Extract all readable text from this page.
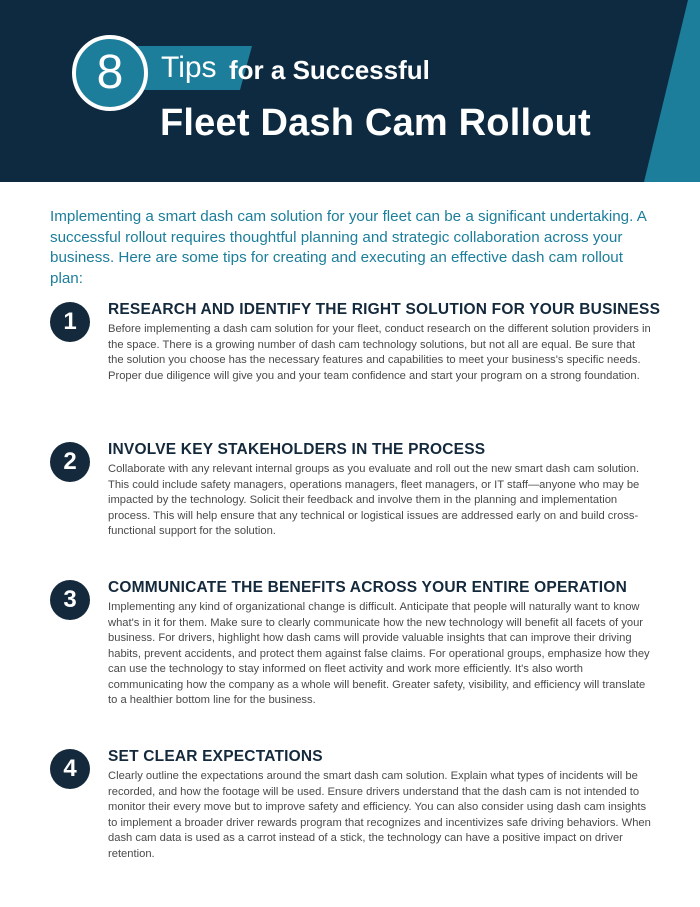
8	Tips for a Successful
Fleet Dash Cam Rollout
Implementing a smart dash cam solution for your fleet can be a significant undertaking. A successful rollout requires thoughtful planning and strategic collaboration across your business. Here are some tips for creating and executing an effective dash cam rollout plan:
1	RESEARCH AND IDENTIFY THE RIGHT SOLUTION FOR YOUR BUSINESS
Before implementing a dash cam solution for your fleet, conduct research on the different solution providers in the space. There is a growing number of dash cam technology solutions, but not all are equal. Be sure that the solution you choose has the necessary features and capabilities to meet your business's specific needs. Proper due diligence will give you and your team confidence and start your program on a strong foundation.
2	INVOLVE KEY STAKEHOLDERS IN THE PROCESS
Collaborate with any relevant internal groups as you evaluate and roll out the new smart dash cam solution. This could include safety managers, operations managers, fleet managers, or IT staff—anyone who may be impacted by the technology. Solicit their feedback and involve them in the planning and implementation process. This will help ensure that any technical or logistical issues are addressed early on and build cross-functional support for the solution.
3	COMMUNICATE THE BENEFITS ACROSS YOUR ENTIRE OPERATION
Implementing any kind of organizational change is difficult. Anticipate that people will naturally want to know what's in it for them. Make sure to clearly communicate how the new technology will benefit all facets of your business. For drivers, highlight how dash cams will provide valuable insights that can improve their driving habits, prevent accidents, and protect them against false claims. For operational groups, emphasize how they can use the technology to stay informed on fleet activity and work more efficiently. It's also worth communicating how the company as a whole will benefit. Greater safety, visibility, and efficiency will translate to a healthier bottom line for the business.
4	SET CLEAR EXPECTATIONS
Clearly outline the expectations around the smart dash cam solution. Explain what types of incidents will be recorded, and how the footage will be used. Ensure drivers understand that the dash cam is not intended to monitor their every move but to improve safety and efficiency. You can also consider using dash cam insights to implement a broader driver rewards program that recognizes and incentivizes safe driving behaviors. When dash cam data is used as a carrot instead of a stick, the technology can have a positive impact on driver retention.
